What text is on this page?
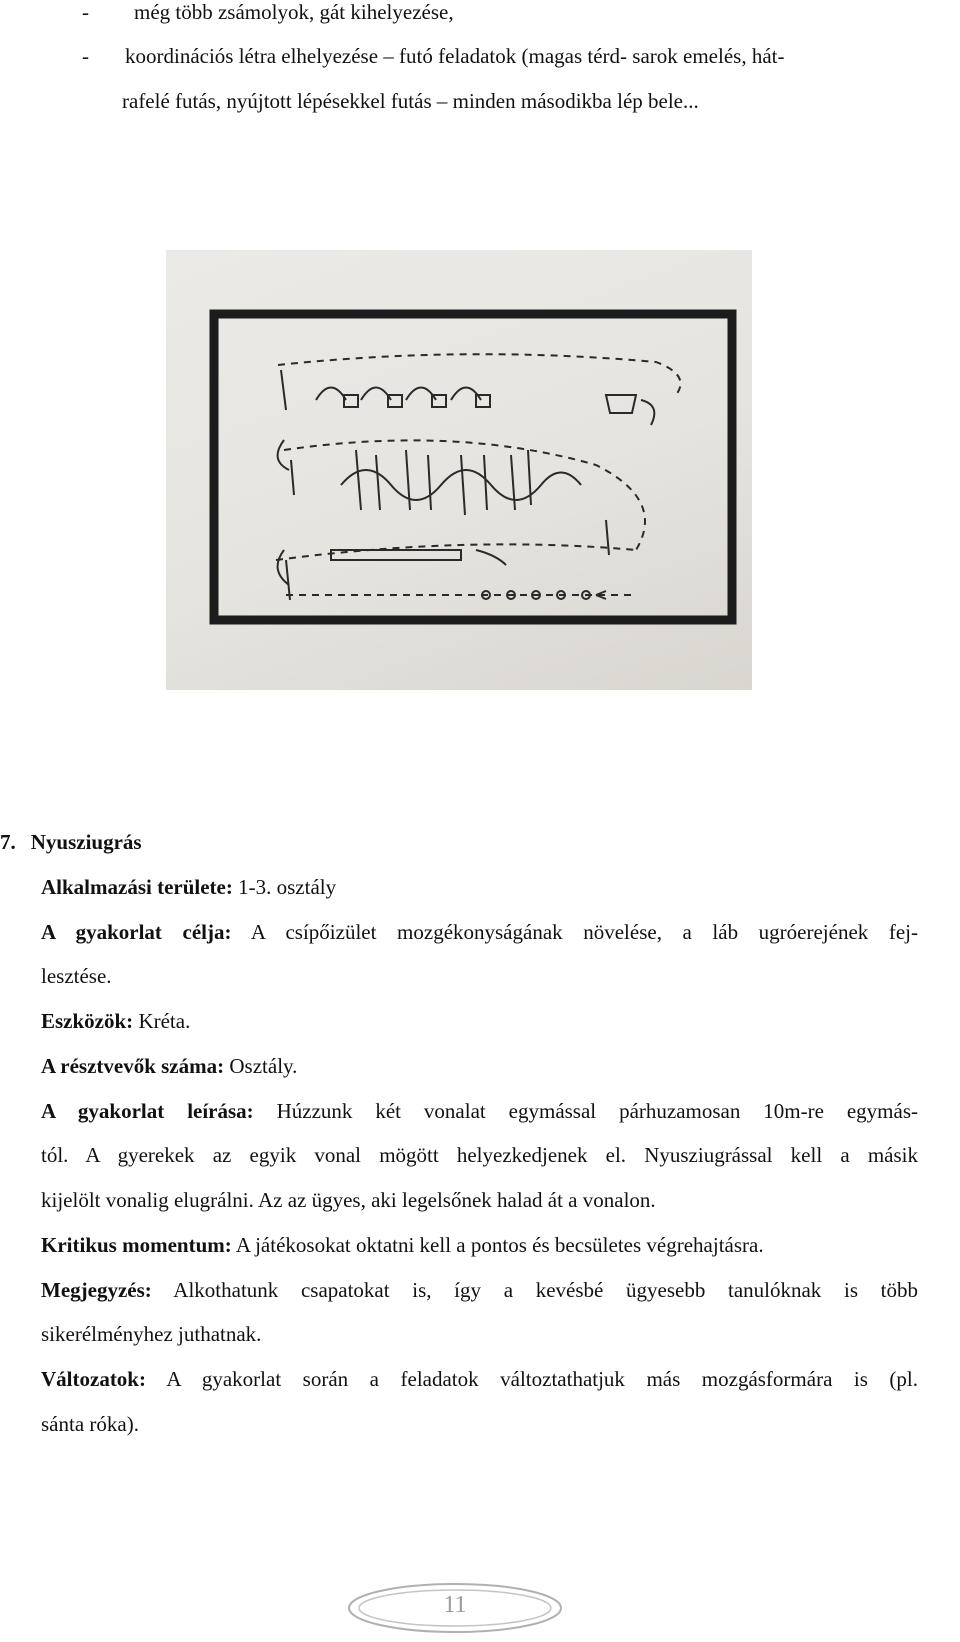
- még több zsámolyok, gát kihelyezése,
- koordinációs létra elhelyezése – futó feladatok (magas térd- sarok emelés, hát-
rafelé futás, nyújtott lépésekkel futás – minden másodikba lép bele...
7. Nyusziugrás
Alkalmazási területe: 1-3. osztály
A gyakorlat célja: A csípőizület mozgékonyságának növelése, a láb ugróerejének fej-
lesztése.
Eszközök: Kréta.
A résztvevők száma: Osztály.
A gyakorlat leírása: Húzzunk két vonalat egymással párhuzamosan 10m-re egymás-
tól. A gyerekek az egyik vonal mögött helyezkedjenek el. Nyusziugrással kell a másik
kijelölt vonalig elugrálni. Az az ügyes, aki legelsőnek halad át a vonalon.
Kritikus momentum: A játékosokat oktatni kell a pontos és becsületes végrehajtásra.
Megjegyzés: Alkothatunk csapatokat is, így a kevésbé ügyesebb tanulóknak is több
sikerélményhez juthatnak.
Változatok: A gyakorlat során a feladatok változtathatjuk más mozgásformára is (pl.
sánta róka).
11
